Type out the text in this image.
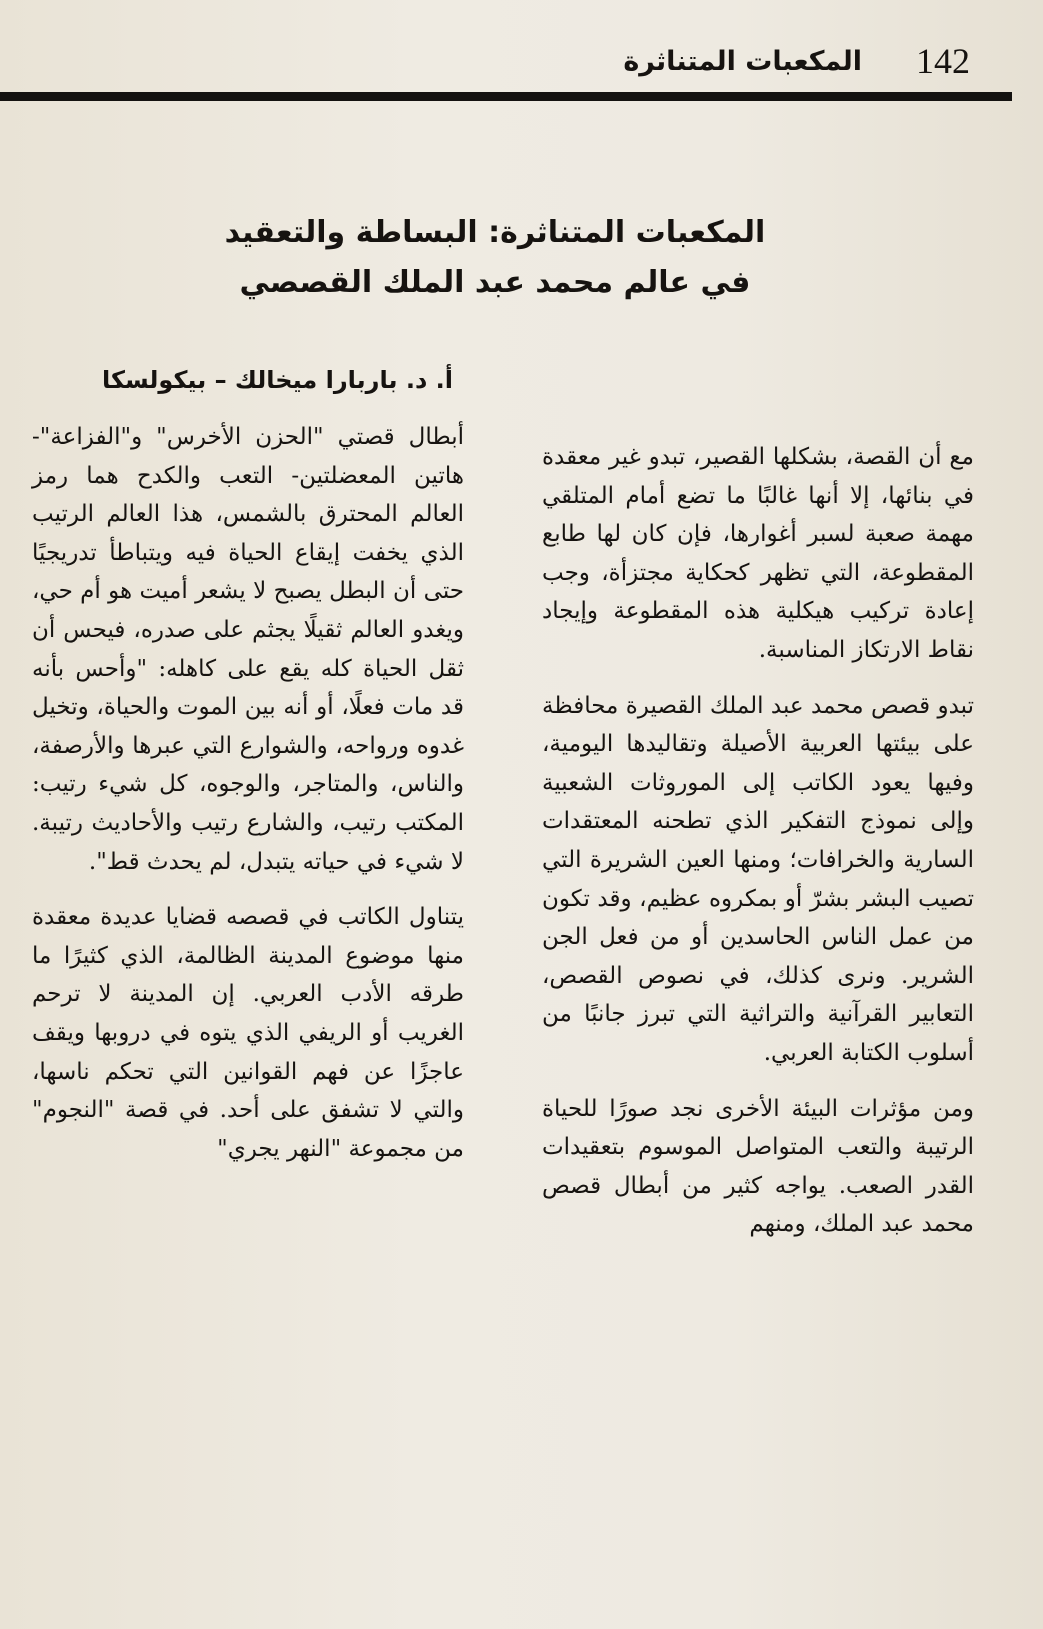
142
المكعبات المتناثرة
المكعبات المتناثرة: البساطة والتعقيد
في عالم محمد عبد الملك القصصي
أ. د. باربارا ميخالك – بيكولسكا

مع أن القصة، بشكلها القصير، تبدو غير معقدة في بنائها، إلا أنها غالبًا ما تضع أمام المتلقي مهمة صعبة لسبر أغوارها، فإن كان لها طابع المقطوعة، التي تظهر كحكاية مجتزأة، وجب إعادة تركيب هيكلية هذه المقطوعة وإيجاد نقاط الارتكاز المناسبة.

تبدو قصص محمد عبد الملك القصيرة محافظة على بيئتها العربية الأصيلة وتقاليدها اليومية، وفيها يعود الكاتب إلى الموروثات الشعبية وإلى نموذج التفكير الذي تطحنه المعتقدات السارية والخرافات؛ ومنها العين الشريرة التي تصيب البشر بشرّ أو بمكروه عظيم، وقد تكون من عمل الناس الحاسدين أو من فعل الجن الشرير. ونرى كذلك، في نصوص القصص، التعابير القرآنية والتراثية التي تبرز جانبًا من أسلوب الكتابة العربي.

ومن مؤثرات البيئة الأخرى نجد صورًا للحياة الرتيبة والتعب المتواصل الموسوم بتعقيدات القدر الصعب. يواجه كثير من أبطال قصص محمد عبد الملك، ومنهم

أبطال قصتي "الحزن الأخرس" و"الفزاعة"-هاتين المعضلتين- التعب والكدح هما رمز العالم المحترق بالشمس، هذا العالم الرتيب الذي يخفت إيقاع الحياة فيه ويتباطأ تدريجيًا حتى أن البطل يصبح لا يشعر أميت هو أم حي، ويغدو العالم ثقيلًا يجثم على صدره، فيحس أن ثقل الحياة كله يقع على كاهله: "وأحس بأنه قد مات فعلًا، أو أنه بين الموت والحياة، وتخيل غدوه ورواحه، والشوارع التي عبرها والأرصفة، والناس، والمتاجر، والوجوه، كل شيء رتيب: المكتب رتيب، والشارع رتيب والأحاديث رتيبة. لا شيء في حياته يتبدل، لم يحدث قط".

يتناول الكاتب في قصصه قضايا عديدة معقدة منها موضوع المدينة الظالمة، الذي كثيرًا ما طرقه الأدب العربي. إن المدينة لا ترحم الغريب أو الريفي الذي يتوه في دروبها ويقف عاجزًا عن فهم القوانين التي تحكم ناسها، والتي لا تشفق على أحد. في قصة "النجوم" من مجموعة "النهر يجري"
